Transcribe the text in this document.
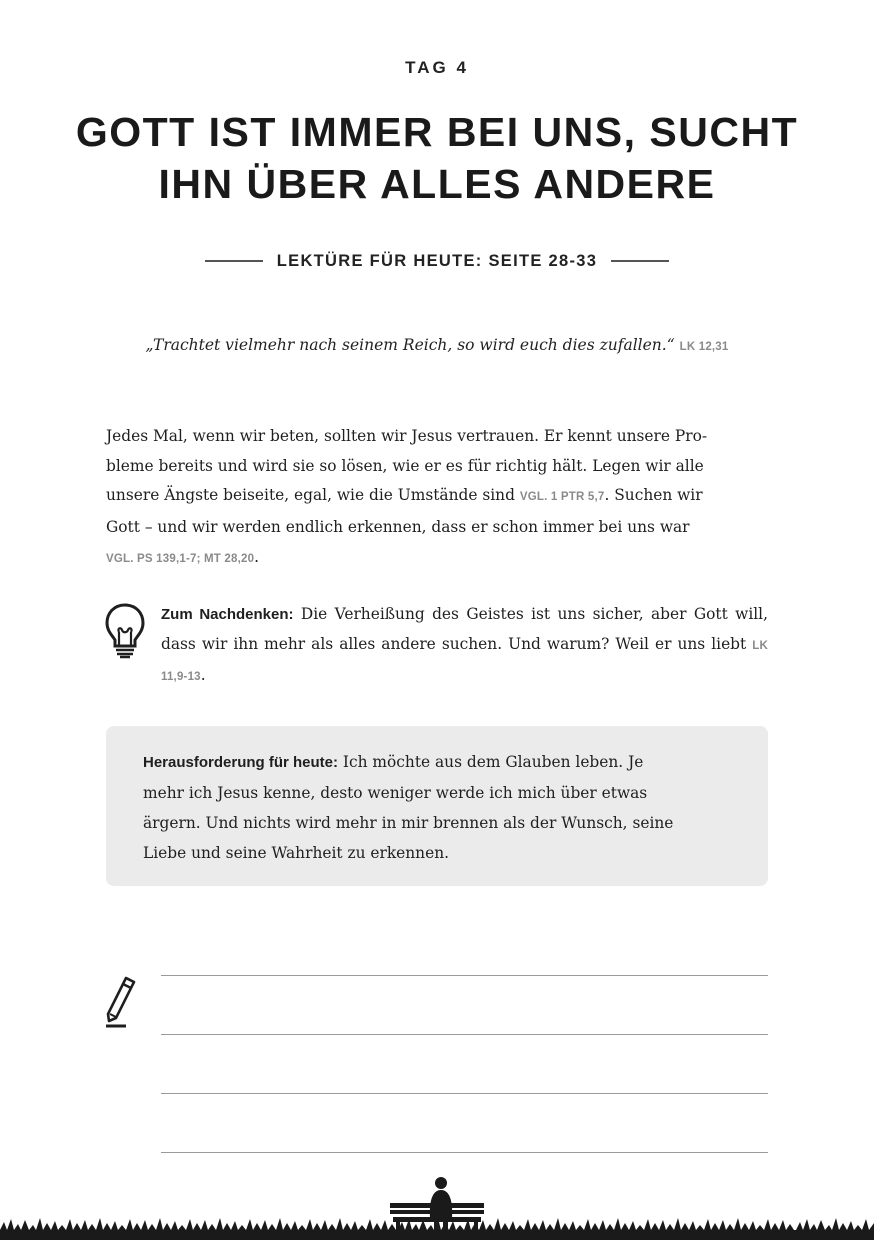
TAG 4
GOTT IST IMMER BEI UNS, SUCHT
IHN ÜBER ALLES ANDERE
LEKTÜRE FÜR HEUTE: SEITE 28-33
„Trachtet vielmehr nach seinem Reich, so wird euch dies zufallen.“ LK 12,31

Jedes Mal, wenn wir beten, sollten wir Jesus vertrauen. Er kennt unsere Pro-
bleme bereits und wird sie so lösen, wie er es für richtig hält. Legen wir alle
unsere Ängste beiseite, egal, wie die Umstände sind VGL. 1 PTR 5,7. Suchen wir
Gott – und wir werden endlich erkennen, dass er schon immer bei uns war
VGL. PS 139,1-7; MT 28,20.

Zum Nachdenken: Die Verheißung des Geistes ist uns sicher, aber Gott will, dass wir ihn mehr als alles andere suchen. Und warum? Weil er uns liebt LK 11,9-13.

Herausforderung für heute: Ich möchte aus dem Glauben leben. Je
mehr ich Jesus kenne, desto weniger werde ich mich über etwas
ärgern. Und nichts wird mehr in mir brennen als der Wunsch, seine
Liebe und seine Wahrheit zu erkennen.
